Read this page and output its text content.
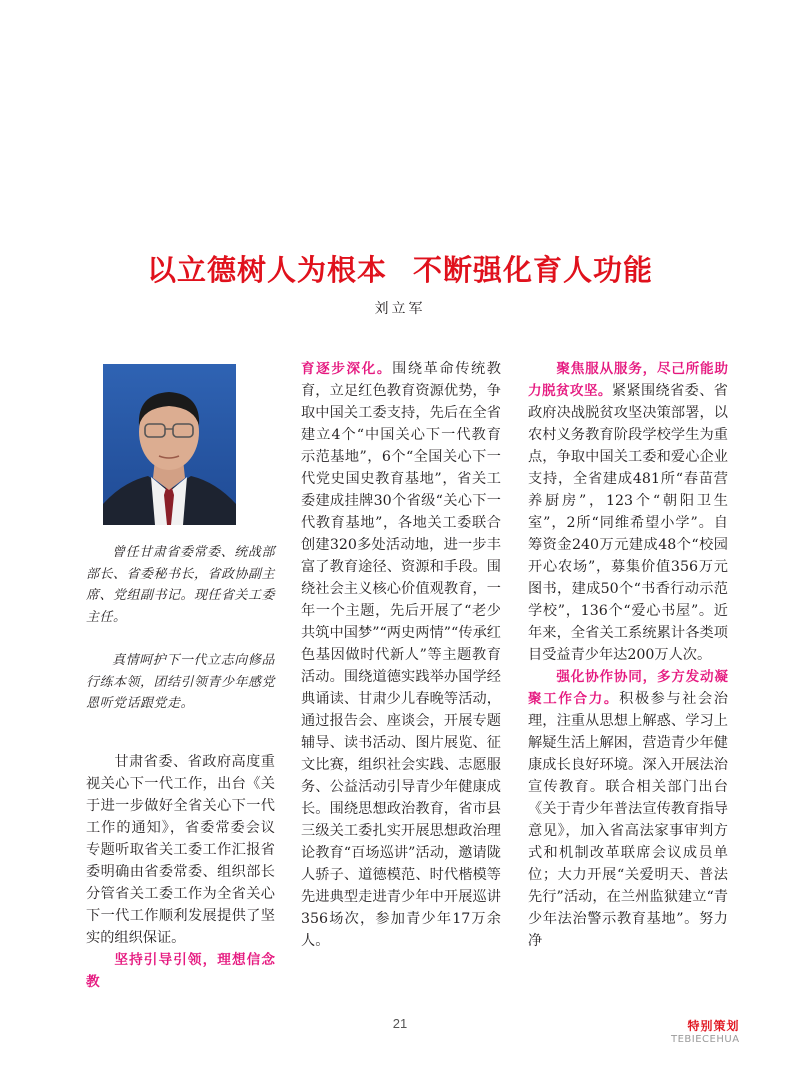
以立德树人为根本 不断强化育人功能
刘立军

曾任甘肃省委常委、统战部部长、省委秘书长，省政协副主席、党组副书记。现任省关工委主任。

真情呵护下一代立志向修品行练本领，团结引领青少年感党恩听党话跟党走。

甘肃省委、省政府高度重视关心下一代工作，出台《关于进一步做好全省关心下一代工作的通知》，省委常委会议专题听取省关工委工作汇报省委明确由省委常委、组织部长分管省关工委工作为全省关心下一代工作顺利发展提供了坚实的组织保证。

坚持引导引领，理想信念教

育逐步深化。围绕革命传统教育，立足红色教育资源优势，争取中国关工委支持，先后在全省建立4个“中国关心下一代教育示范基地”，6个“全国关心下一代党史国史教育基地”，省关工委建成挂牌30个省级“关心下一代教育基地”，各地关工委联合创建320多处活动地，进一步丰富了教育途径、资源和手段。围绕社会主义核心价值观教育，一年一个主题，先后开展了“老少共筑中国梦”“两史两情”“传承红色基因做时代新人”等主题教育活动。围绕道德实践举办国学经典诵读、甘肃少儿春晚等活动，通过报告会、座谈会，开展专题辅导、读书活动、图片展览、征文比赛，组织社会实践、志愿服务、公益活动引导青少年健康成长。围绕思想政治教育，省市县三级关工委扎实开展思想政治理论教育“百场巡讲”活动，邀请陇人骄子、道德模范、时代楷模等先进典型走进青少年中开展巡讲356场次，参加青少年17万余人。

聚焦服从服务，尽己所能助力脱贫攻坚。紧紧围绕省委、省政府决战脱贫攻坚决策部署，以农村义务教育阶段学校学生为重点，争取中国关工委和爱心企业支持，全省建成481所“春苗营养厨房”，123个“朝阳卫生室”，2所“同维希望小学”。自筹资金240万元建成48个“校园开心农场”，募集价值356万元图书，建成50个“书香行动示范学校”，136个“爱心书屋”。近年来，全省关工系统累计各类项目受益青少年达200万人次。

强化协作协同，多方发动凝聚工作合力。积极参与社会治理，注重从思想上解惑、学习上解疑生活上解困，营造青少年健康成长良好环境。深入开展法治宣传教育。联合相关部门出台《关于青少年普法宣传教育指导意见》，加入省高法家事审判方式和机制改革联席会议成员单位；大力开展“关爱明天、普法先行”活动，在兰州监狱建立“青少年法治警示教育基地”。努力净

21	特别策划
TEBIECEHUA
